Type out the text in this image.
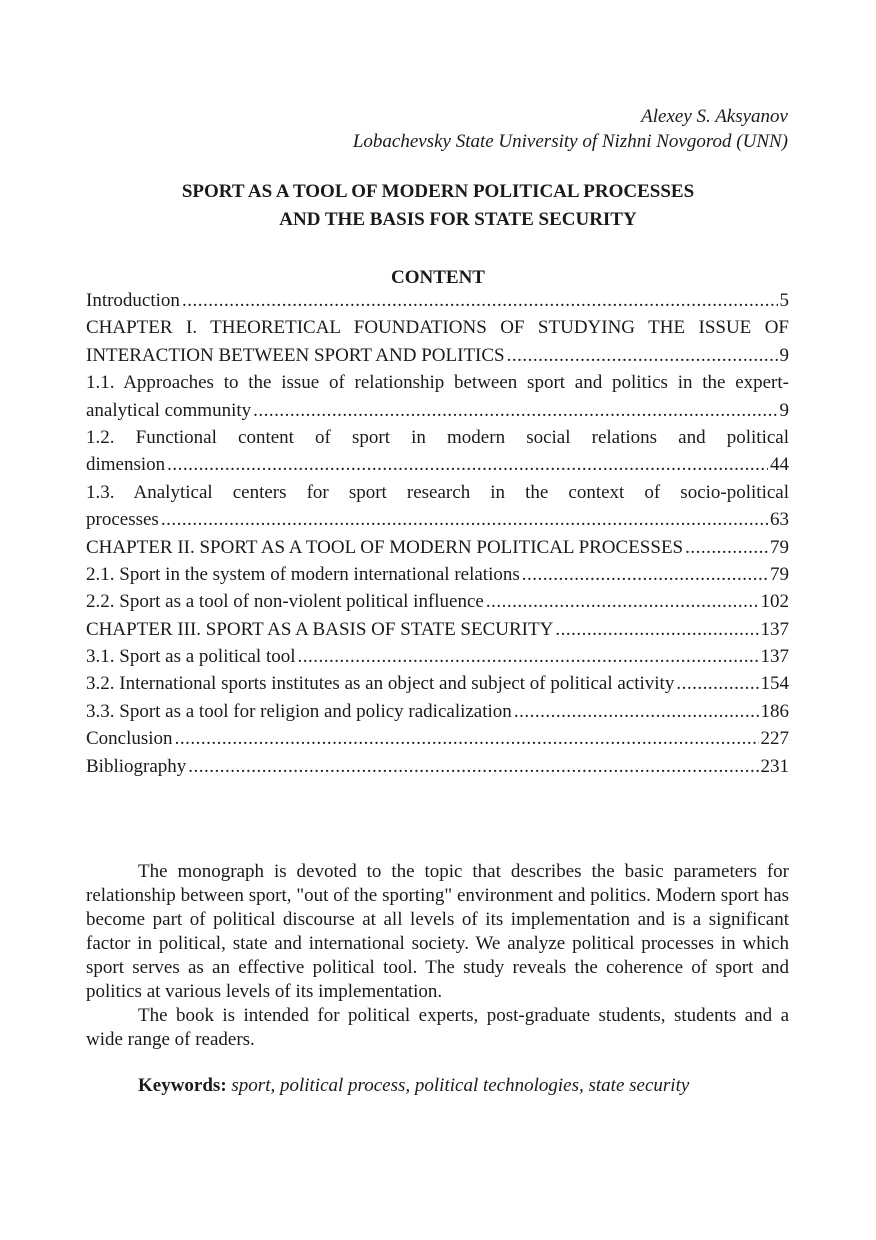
Alexey S. Aksyanov
Lobachevsky State University of Nizhni Novgorod (UNN)
SPORT AS A TOOL OF MODERN POLITICAL PROCESSES
AND THE BASIS FOR STATE SECURITY
CONTENT
Introduction .....	5
CHAPTER I. THEORETICAL FOUNDATIONS OF STUDYING THE ISSUE OF
INTERACTION BETWEEN SPORT AND POLITICS .....	9
1.1. Approaches to the issue of relationship between sport and politics in the expert-
analytical community .....	9
1.2. Functional content of sport in modern social relations and political
dimension .....	44
1.3. Analytical centers for sport research in the context of socio-political
processes .....	63
CHAPTER II. SPORT AS A TOOL OF MODERN POLITICAL PROCESSES .....	79
2.1. Sport in the system of modern international relations .....	79
2.2. Sport as a tool of non-violent political influence .....	102
CHAPTER III. SPORT AS A BASIS OF STATE SECURITY .....	137
3.1. Sport as a political tool .....	137
3.2. International sports institutes as an object and subject of political activity .....	154
3.3. Sport as a tool for religion and policy radicalization .....	186
Conclusion .....	227
Bibliography .....	231

The monograph is devoted to the topic that describes the basic parameters for relationship between sport, "out of the sporting" environment and politics. Modern sport has become part of political discourse at all levels of its implementation and is a significant factor in political, state and international society. We analyze political processes in which sport serves as an effective political tool. The study reveals the coherence of sport and politics at various levels of its implementation.

The book is intended for political experts, post-graduate students, students and a wide range of readers.

Keywords: sport, political process, political technologies, state security
